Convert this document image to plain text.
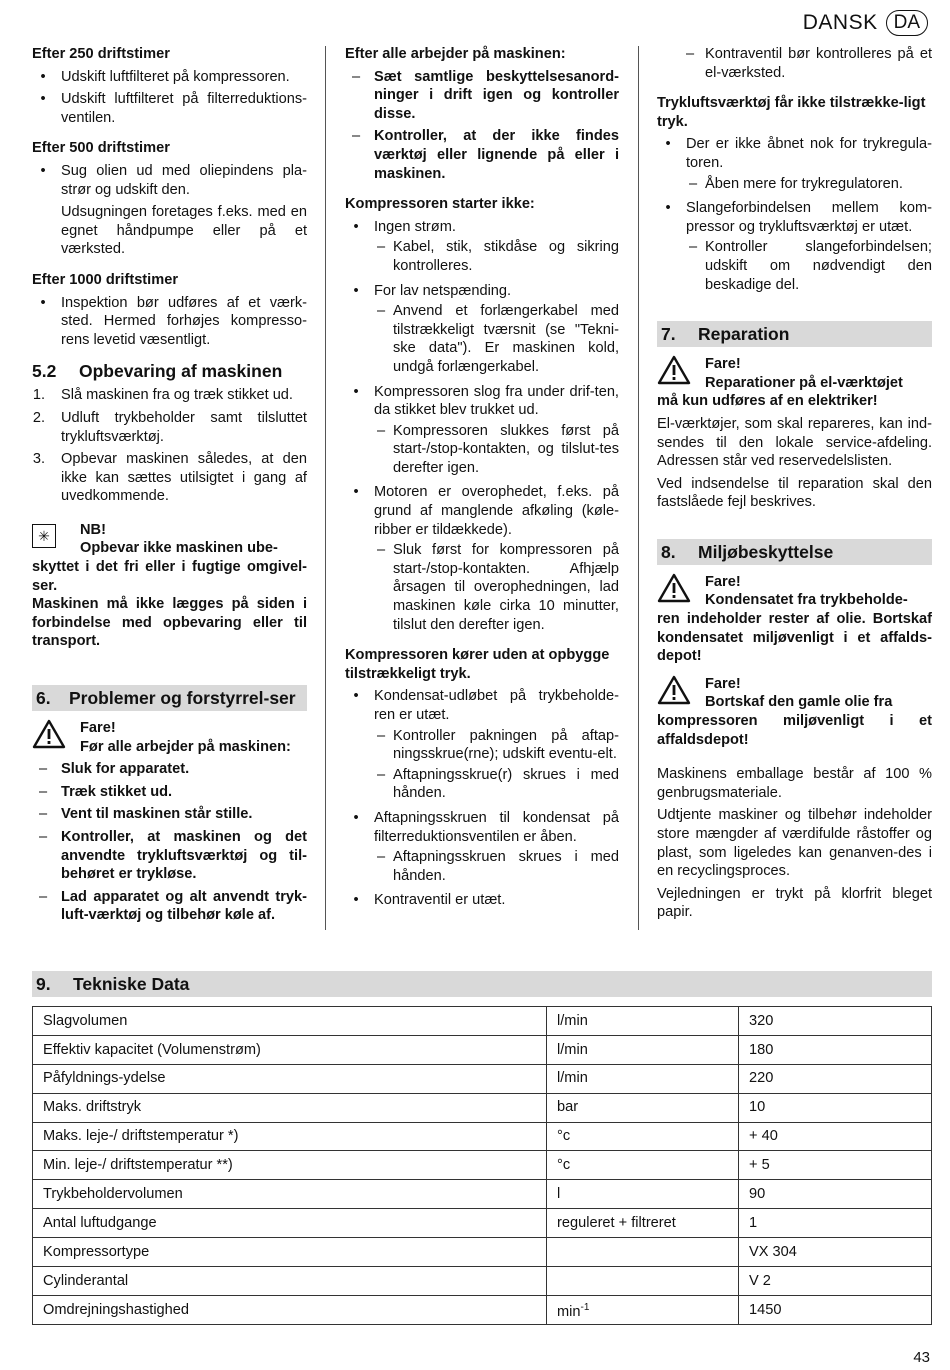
DANSK DA
Efter 250 driftstimer
•	Udskift luftfilteret på kompressoren.
•	Udskift luftfilteret på filterreduktions-ventilen.
Efter 500 driftstimer
•	Sug olien ud med oliepindens pla-strør og udskift den.
Udsugningen foretages f.eks. med en egnet håndpumpe eller på et værksted.
Efter 1000 driftstimer
•	Inspektion bør udføres af et værk-sted. Hermed forhøjes kompresso-rens levetid væsentligt.
5.2	Opbevaring af maskinen
1. Slå maskinen fra og træk stikket ud.
2. Udluft trykbeholder samt tilsluttet trykluftsværktøj.
3. Opbevar maskinen således, at den ikke kan sættes utilsigtet i gang af uvedkommende.
✳	NB!
Opbevar ikke maskinen ube-
skyttet i det fri eller i fugtige omgivel-ser.
Maskinen må ikke lægges på siden i forbindelse med opbevaring eller til transport.
6.	Problemer og forstyrrel-ser
Fare!
Før alle arbejder på maskinen:
– Sluk for apparatet.
– Træk stikket ud.
– Vent til maskinen står stille.
– Kontroller, at maskinen og det anvendte trykluftsværktøj og til-behøret er trykløse.
– Lad apparatet og alt anvendt tryk-luft-værktøj og tilbehør køle af.
Efter alle arbejder på maskinen:
– Sæt samtlige beskyttelsesanord-ninger i drift igen og kontroller disse.
– Kontroller, at der ikke findes værktøj eller lignende på eller i maskinen.
Kompressoren starter ikke:
•	Ingen strøm.
– Kabel, stik, stikdåse og sikring kontrolleres.
•	For lav netspænding.
– Anvend et forlængerkabel med tilstrækkeligt tværsnit (se "Tekni-ske data"). Er maskinen kold, undgå forlængerkabel.
•	Kompressoren slog fra under drif-ten, da stikket blev trukket ud.
– Kompressoren slukkes først på start-/stop-kontakten, og tilslut-tes derefter igen.
•	Motoren er overophedet, f.eks. på grund af manglende afkøling (køle-ribber er tildækkede).
– Sluk først for kompressoren på start-/stop-kontakten. Afhjælp årsagen til overophedningen, lad maskinen køle cirka 10 minutter, tilslut den derefter igen.
Kompressoren kører uden at opbygge tilstrækkeligt tryk.
•	Kondensat-udløbet på trykbeholde-ren er utæt.
– Kontroller pakningen på aftap-ningsskrue(rne); udskift eventu-elt.
– Aftapningsskrue(r) skrues i med hånden.
•	Aftapningsskruen til kondensat på filterreduktionsventilen er åben.
– Aftapningsskruen skrues i med hånden.
•	Kontraventil er utæt.
– Kontraventil bør kontrolleres på et el-værksted.
Trykluftsværktøj får ikke tilstrække-ligt tryk.
•	Der er ikke åbnet nok for trykregula-toren.
– Åben mere for trykregulatoren.
•	Slangeforbindelsen mellem kom-pressor og trykluftsværktøj er utæt.
– Kontroller slangeforbindelsen; udskift om nødvendigt den beskadige del.
7.	Reparation
Fare!
Reparationer på el-værktøjet
må kun udføres af en elektriker!
El-værktøjer, som skal repareres, kan ind-sendes til den lokale service-afdeling. Adressen står ved reservedelslisten.
Ved indsendelse til reparation skal den fastslåede fejl beskrives.
8.	Miljøbeskyttelse
Fare!
Kondensatet fra trykbeholde-
ren indeholder rester af olie. Bortskaf kondensatet miljøvenligt i et affalds-depot!
Fare!
Bortskaf den gamle olie fra
kompressoren miljøvenligt i et affaldsdepot!
Maskinens emballage består af 100 % genbrugsmateriale.
Udtjente maskiner og tilbehør indeholder store mængder af værdifulde råstoffer og plast, som ligeledes kan genanven-des i en recyclingsproces.
Vejledningen er trykt på klorfrit bleget papir.
9.	Tekniske Data
Slagvolumen	l/min	320
Effektiv kapacitet (Volumenstrøm)	l/min	180
Påfyldnings-ydelse	l/min	220
Maks. driftstryk	bar	10
Maks. leje-/ driftstemperatur *)	°c	+ 40
Min. leje-/ driftstemperatur **)	°c	+ 5
Trykbeholdervolumen	l	90
Antal luftudgange	reguleret + filtreret	1
Kompressortype		VX 304
Cylinderantal		V 2
Omdrejningshastighed	$\min^{-1}$	1450
43
